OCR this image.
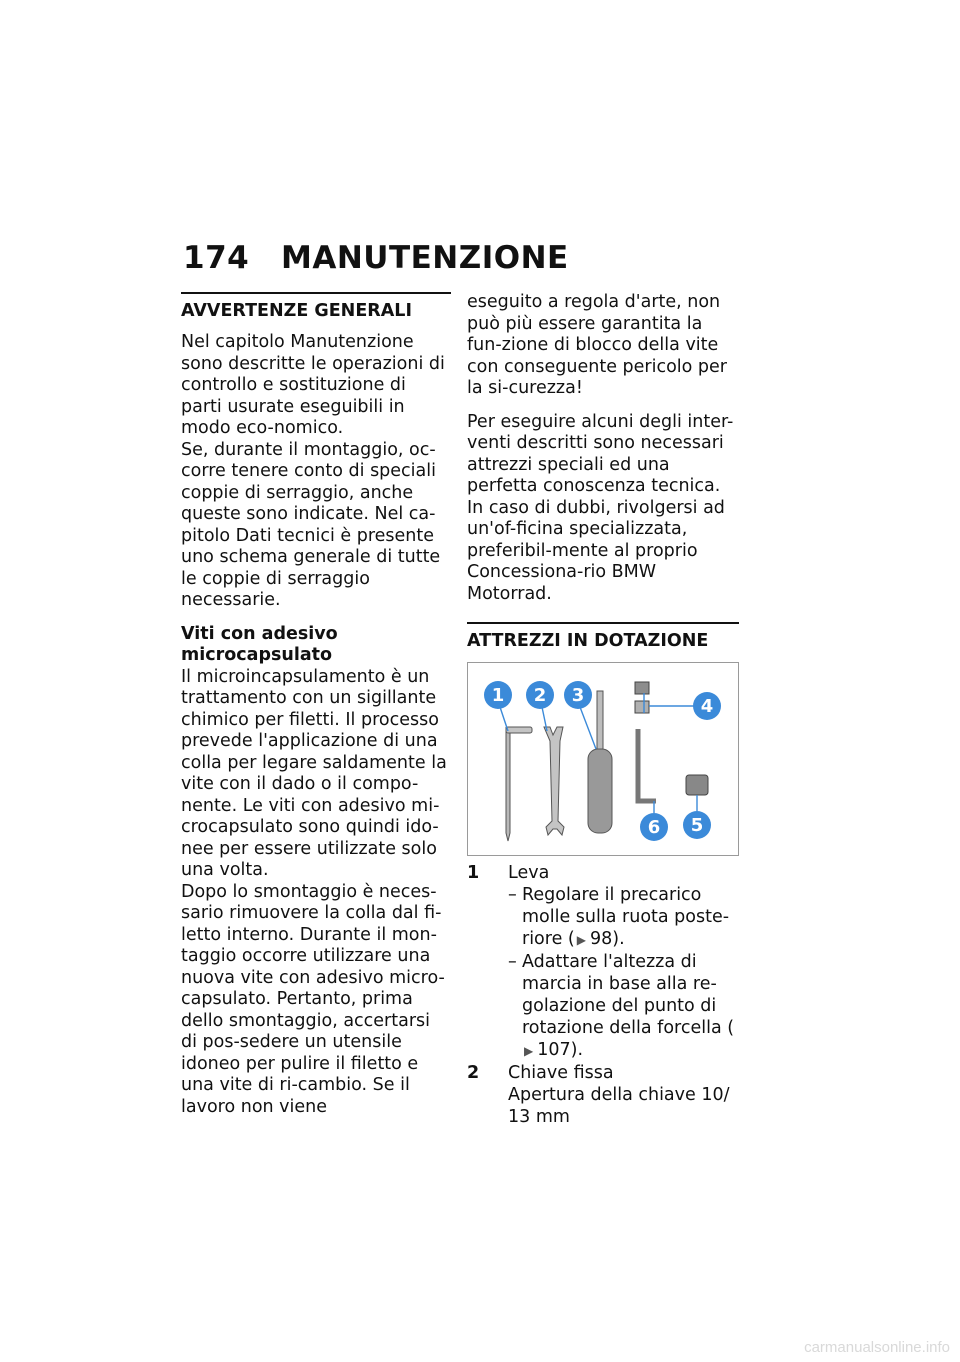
174 MANUTENZIONE
AVVERTENZE GENERALI

Nel capitolo Manutenzione sono descritte le operazioni di controllo e sostituzione di parti usurate eseguibili in modo eco-nomico.

Se, durante il montaggio, oc-corre tenere conto di speciali coppie di serraggio, anche queste sono indicate. Nel ca-pitolo Dati tecnici è presente uno schema generale di tutte le coppie di serraggio necessarie.

Viti con adesivo microcapsulato

Il microincapsulamento è un trattamento con un sigillante chimico per filetti. Il processo prevede l'applicazione di una colla per legare saldamente la vite con il dado o il compo-nente. Le viti con adesivo mi-crocapsulato sono quindi ido-nee per essere utilizzate solo una volta.

Dopo lo smontaggio è neces-sario rimuovere la colla dal fi-letto interno. Durante il mon-taggio occorre utilizzare una nuova vite con adesivo micro-capsulato. Pertanto, prima dello smontaggio, accertarsi di pos-sedere un utensile idoneo per pulire il filetto e una vite di ri-cambio. Se il lavoro non viene

eseguito a regola d'arte, non può più essere garantita la fun-zione di blocco della vite con conseguente pericolo per la si-curezza!

Per eseguire alcuni degli inter-venti descritti sono necessari attrezzi speciali ed una perfetta conoscenza tecnica. In caso di dubbi, rivolgersi ad un'of-ficina specializzata, preferibil-mente al proprio Concessiona-rio BMW Motorrad.

ATTREZZI IN DOTAZIONE
1 2 3
4
5
6
1	Leva
– Regolare il precarico molle sulla ruota poste-riore ( ▶ 98).
– Adattare l'altezza di marcia in base alla re-golazione del punto di rotazione della forcella (▶ 107).
2	Chiave fissa
Apertura della chiave 10/ 13 mm
carmanualsonline.info
